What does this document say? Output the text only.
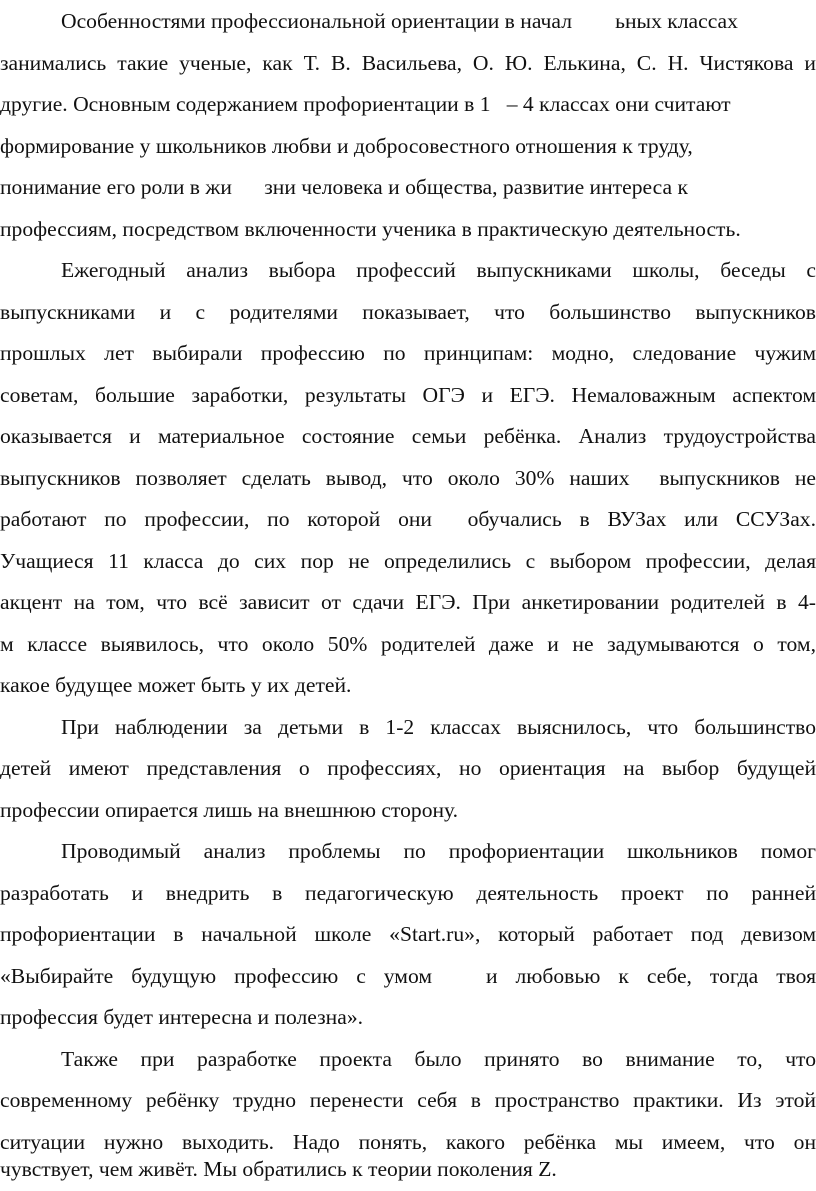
Особенностями профессиональной ориентации в начал        ьных классах
занимались такие ученые, как Т. В. Васильева, О. Ю. Елькина, С. Н. Чистякова и
другие. Основным содержанием профориентации в 1   – 4 классах они считают
формирование у школьников любви и добросовестного отношения к труду,
понимание его роли в жи      зни человека и общества, развитие интереса к
профессиям, посредством включенности ученика в практическую деятельность.
Ежегодный анализ выбора профессий выпускниками школы, беседы с
выпускниками и с родителями показывает, что большинство выпускников
прошлых лет выбирали профессию по принципам: модно, следование чужим
советам, большие заработки, результаты ОГЭ и ЕГЭ. Немаловажным аспектом
оказывается и материальное состояние семьи ребёнка. Анализ трудоустройства
выпускников позволяет сделать вывод, что около 30% наших  выпускников не
работают по профессии, по которой они  обучались в ВУЗах или ССУЗах.
Учащиеся 11 класса до сих пор не определились с выбором профессии, делая
акцент на том, что всё зависит от сдачи ЕГЭ. При анкетировании родителей в 4-
м классе выявилось, что около 50% родителей даже и не задумываются о том,
какое будущее может быть у их детей.
При наблюдении за детьми в 1-2 классах выяснилось, что большинство
детей имеют представления о профессиях, но ориентация на выбор будущей
профессии опирается лишь на внешнюю сторону.
Проводимый анализ проблемы по профориентации школьников помог
разработать и внедрить в педагогическую деятельность проект по ранней
профориентации в начальной школе «Start.ru», который работает под девизом
«Выбирайте будущую профессию с умом   и любовью к себе, тогда твоя
профессия будет интересна и полезна».
Также при разработке проекта было принято во внимание то, что
современному ребёнку трудно перенести себя в пространство практики. Из этой
ситуации нужно выходить. Надо понять, какого ребёнка мы имеем, что он
чувствует, чем живёт. Мы обратились к теории поколения Z.
